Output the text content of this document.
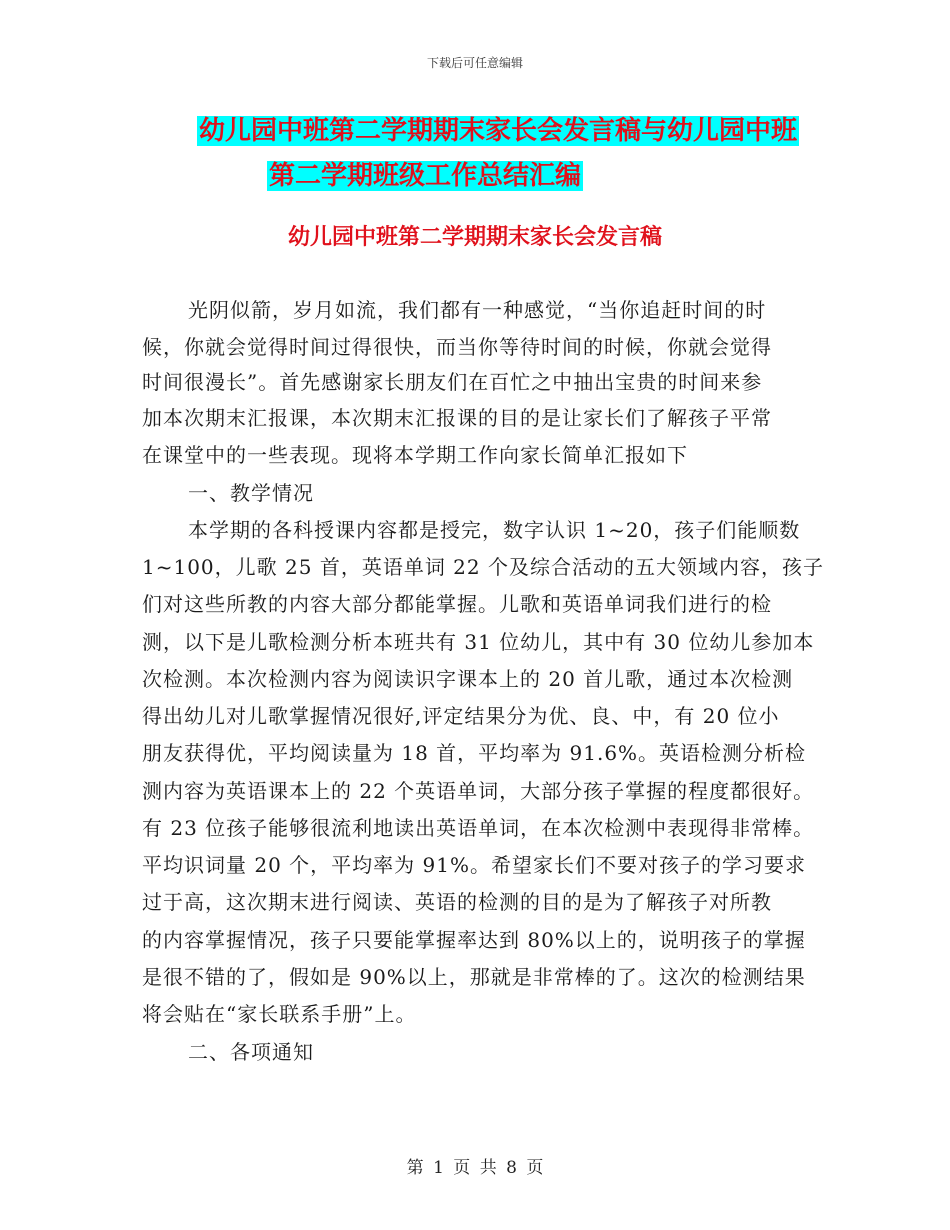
下载后可任意编辑
幼儿园中班第二学期期末家长会发言稿与幼儿园中班
第二学期班级工作总结汇编
幼儿园中班第二学期期末家长会发言稿
光阴似箭，岁月如流，我们都有一种感觉，“当你追赶时间的时
候，你就会觉得时间过得很快，而当你等待时间的时候，你就会觉得
时间很漫长”。首先感谢家长朋友们在百忙之中抽出宝贵的时间来参
加本次期末汇报课，本次期末汇报课的目的是让家长们了解孩子平常
在课堂中的一些表现。现将本学期工作向家长简单汇报如下
一、教学情况
本学期的各科授课内容都是授完，数字认识 1~20，孩子们能顺数
1~100，儿歌 25 首，英语单词 22 个及综合活动的五大领域内容，孩子
们对这些所教的内容大部分都能掌握。儿歌和英语单词我们进行的检
测，以下是儿歌检测分析本班共有 31 位幼儿，其中有 30 位幼儿参加本
次检测。本次检测内容为阅读识字课本上的 20 首儿歌，通过本次检测
得出幼儿对儿歌掌握情况很好,评定结果分为优、良、中，有 20 位小
朋友获得优，平均阅读量为 18 首，平均率为 91.6%。英语检测分析检
测内容为英语课本上的 22 个英语单词，大部分孩子掌握的程度都很好。
有 23 位孩子能够很流利地读出英语单词，在本次检测中表现得非常棒。
平均识词量 20 个，平均率为 91%。希望家长们不要对孩子的学习要求
过于高，这次期末进行阅读、英语的检测的目的是为了解孩子对所教
的内容掌握情况，孩子只要能掌握率达到 80%以上的，说明孩子的掌握
是很不错的了，假如是 90%以上，那就是非常棒的了。这次的检测结果
将会贴在“家长联系手册”上。
二、各项通知
第 1 页 共 8 页
